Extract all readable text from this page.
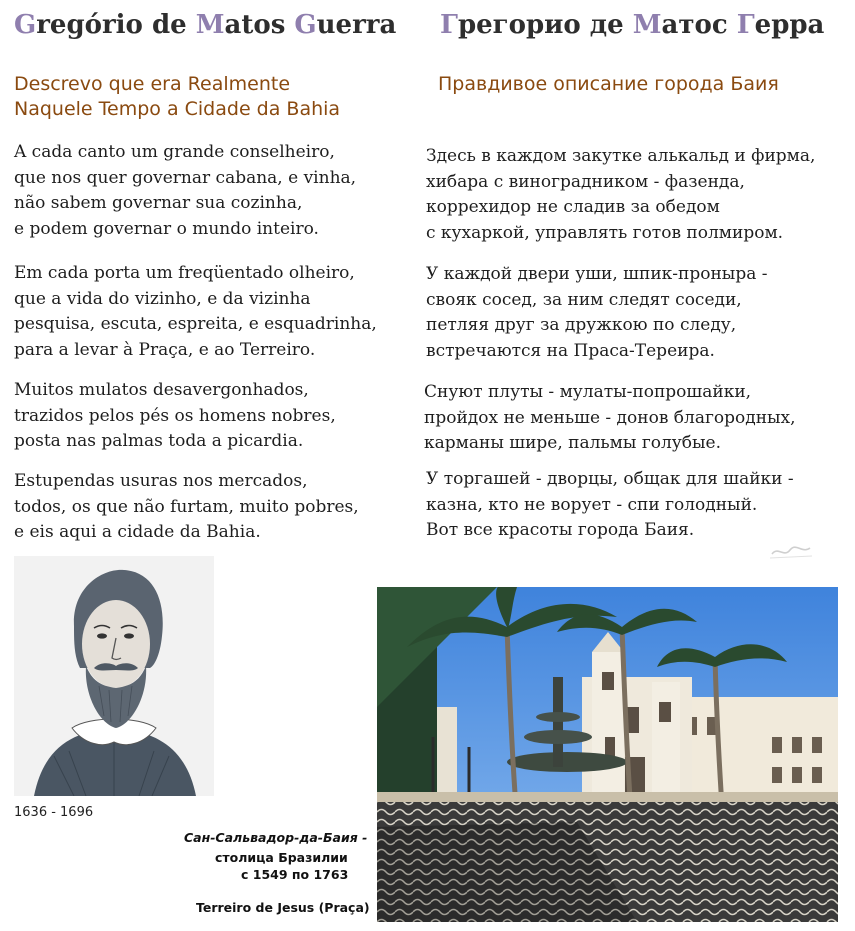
Gregório de Matos Guerra Грегорио де Матос Герра
Descrevo que era Realmente
Naquele Tempo a Cidade da Bahia
Правдивое описание города Баия
A cada canto um grande conselheiro,
que nos quer governar cabana, e vinha,
não sabem governar sua cozinha,
e podem governar o mundo inteiro.
Em cada porta um freqüentado olheiro,
que a vida do vizinho, e da vizinha
pesquisa, escuta, espreita, e esquadrinha,
para a levar à Praça, e ao Terreiro.
Muitos mulatos desavergonhados,
trazidos pelos pés os homens nobres,
posta nas palmas toda a picardia.
Estupendas usuras nos mercados,
todos, os que não furtam, muito pobres,
e eis aqui a cidade da Bahia.
Здесь в каждом закутке алькальд и фирма,
хибара с виноградником - фазенда,
коррехидор не сладив за обедом
с кухаркой, управлять готов полмиром.
У каждой двери уши, шпик-пронырa -
свояк сосед, за ним следят соседи,
петляя друг за дружкою по следу,
встречаются на Праса-Тереира.
Снуют плуты - мулаты-попрошайки,
пройдох не меньше - донов благородных,
карманы шире, пальмы голубые.
У торгашей - дворцы, общак для шайки -
казна, кто не ворует - спи голодный.
Вот все красоты города Баия.
1636 - 1696
Сан-Сальвадор-да-Баия -
столица Бразилии
с 1549 по 1763
Terreiro de Jesus (Praça)
